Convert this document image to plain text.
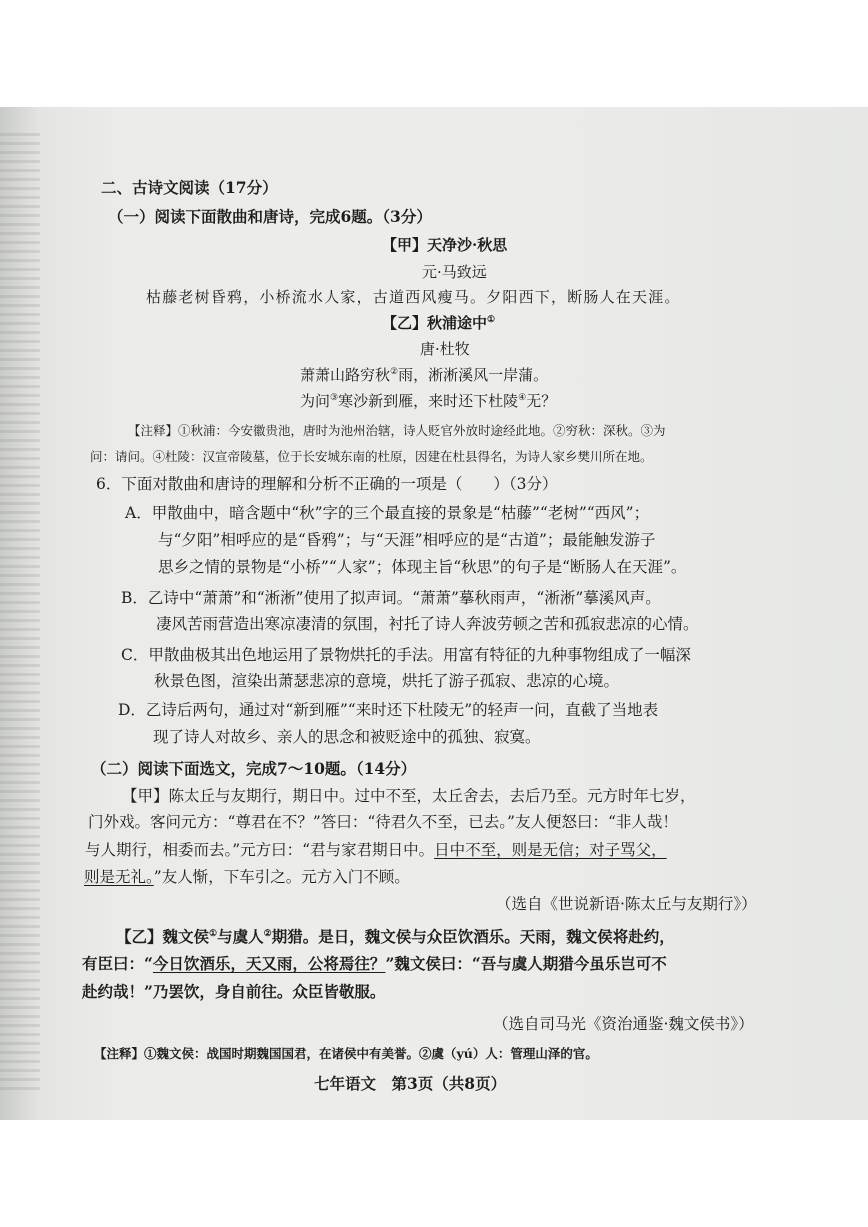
二、古诗文阅读（17分）
（一）阅读下面散曲和唐诗，完成6题。（3分）
【甲】天净沙·秋思
元·马致远
枯藤老树昏鸦，小桥流水人家，古道西风瘦马。夕阳西下，断肠人在天涯。
【乙】秋浦途中①
唐·杜牧
萧萧山路穷秋②雨，淅淅溪风一岸蒲。
为问③寒沙新到雁，来时还下杜陵④无？
【注释】①秋浦：今安徽贵池，唐时为池州治辖，诗人贬官外放时途经此地。②穷秋：深秋。③为
问：请问。④杜陵：汉宣帝陵墓，位于长安城东南的杜原，因建在杜县得名，为诗人家乡樊川所在地。
6．下面对散曲和唐诗的理解和分析不正确的一项是（　　）（3分）
A．甲散曲中，暗含题中“秋”字的三个最直接的景象是“枯藤”“老树”“西风”；
与“夕阳”相呼应的是“昏鸦”；与“天涯”相呼应的是“古道”；最能触发游子
思乡之情的景物是“小桥”“人家”；体现主旨“秋思”的句子是“断肠人在天涯”。
B．乙诗中“萧萧”和“淅淅”使用了拟声词。“萧萧”摹秋雨声，“淅淅”摹溪风声。
凄风苦雨营造出寒凉凄清的氛围，衬托了诗人奔波劳顿之苦和孤寂悲凉的心情。
C．甲散曲极其出色地运用了景物烘托的手法。用富有特征的九种事物组成了一幅深
秋景色图，渲染出萧瑟悲凉的意境，烘托了游子孤寂、悲凉的心境。
D．乙诗后两句，通过对“新到雁”“来时还下杜陵无”的轻声一问，直截了当地表
现了诗人对故乡、亲人的思念和被贬途中的孤独、寂寞。
（二）阅读下面选文，完成7～10题。（14分）
【甲】陈太丘与友期行，期日中。过中不至，太丘舍去，去后乃至。元方时年七岁，
门外戏。客问元方：“尊君在不？”答曰：“待君久不至，已去。”友人便怒曰：“非人哉！
与人期行，相委而去。”元方曰：“君与家君期日中。日中不至，则是无信；对子骂父，
则是无礼。”友人惭，下车引之。元方入门不顾。
（选自《世说新语·陈太丘与友期行》）
【乙】魏文侯①与虞人②期猎。是日，魏文侯与众臣饮酒乐。天雨，魏文侯将赴约，
有臣曰：“今日饮酒乐，天又雨，公将焉往？”魏文侯曰：“吾与虞人期猎今虽乐岂可不
赴约哉！”乃罢饮，身自前往。众臣皆敬服。
（选自司马光《资治通鉴·魏文侯书》）
【注释】①魏文侯：战国时期魏国国君，在诸侯中有美誉。②虞（yú）人：管理山泽的官。
七年语文　第3页（共8页）
